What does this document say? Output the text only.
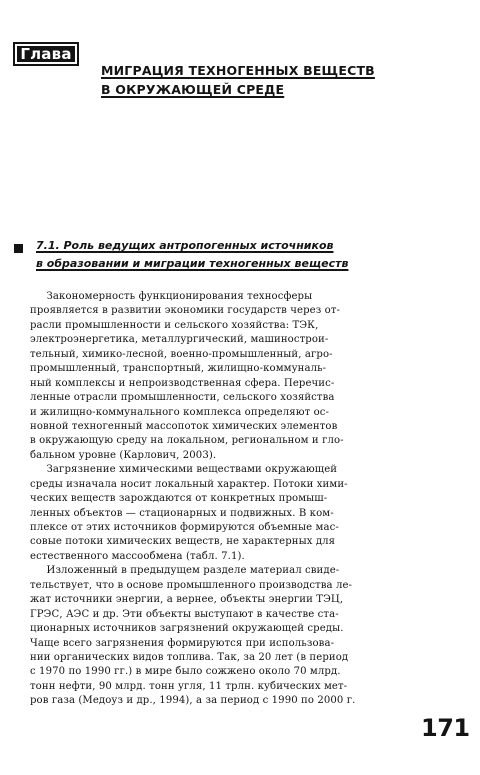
Глава 7	МИГРАЦИЯ ТЕХНОГЕННЫХ ВЕЩЕСТВ
В ОКРУЖАЮЩЕЙ СРЕДЕ
7.1. Роль ведущих антропогенных источников
в образовании и миграции техногенных веществ
Закономерность функционирования техносферы
проявляется в развитии экономики государств через от-
расли промышленности и сельского хозяйства: ТЭК,
электроэнергетика, металлургический, машинострои-
тельный, химико-лесной, военно-промышленный, агро-
промышленный, транспортный, жилищно-коммуналь-
ный комплексы и непроизводственная сфера. Перечис-
ленные отрасли промышленности, сельского хозяйства
и жилищно-коммунального комплекса определяют ос-
новной техногенный массопоток химических элементов
в окружающую среду на локальном, региональном и гло-
бальном уровне (Карлович, 2003).
Загрязнение химическими веществами окружающей
среды изначала носит локальный характер. Потоки хими-
ческих веществ зарождаются от конкретных промыш-
ленных объектов — стационарных и подвижных. В ком-
плексе от этих источников формируются объемные мас-
совые потоки химических веществ, не характерных для
естественного массообмена (табл. 7.1).
Изложенный в предыдущем разделе материал свиде-
тельствует, что в основе промышленного производства ле-
жат источники энергии, а вернее, объекты энергии ТЭЦ,
ГРЭС, АЭС и др. Эти объекты выступают в качестве ста-
ционарных источников загрязнений окружающей среды.
Чаще всего загрязнения формируются при использова-
нии органических видов топлива. Так, за 20 лет (в период
с 1970 по 1990 гг.) в мире было сожжено около 70 млрд.
тонн нефти, 90 млрд. тонн угля, 11 трлн. кубических мет-
ров газа (Медоуз и др., 1994), а за период с 1990 по 2000 г.
171
